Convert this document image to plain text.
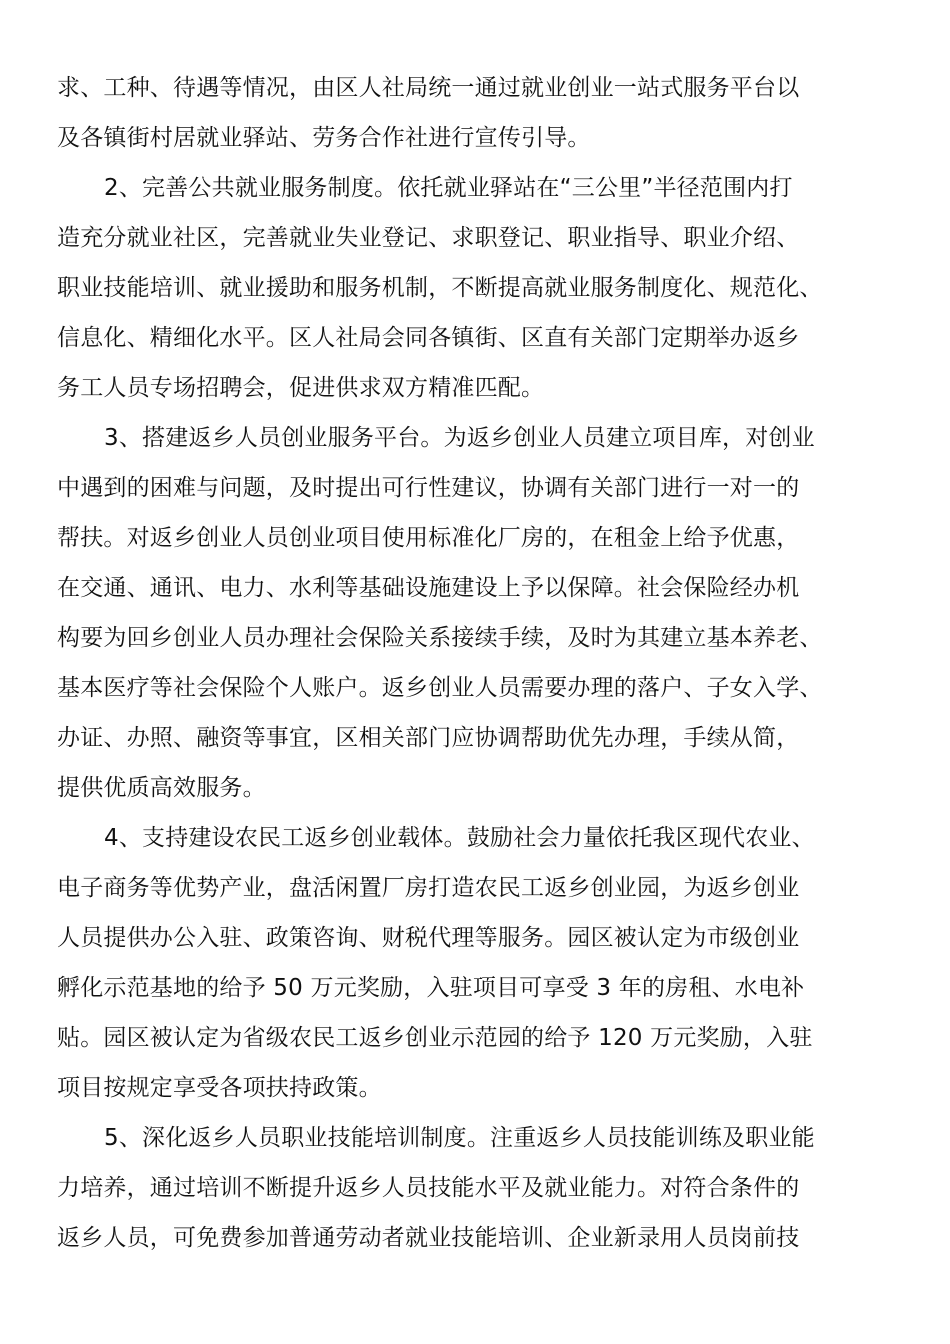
求、工种、待遇等情况，由区人社局统一通过就业创业一站式服务平台以
及各镇街村居就业驿站、劳务合作社进行宣传引导。
2、完善公共就业服务制度。依托就业驿站在“三公里”半径范围内打
造充分就业社区，完善就业失业登记、求职登记、职业指导、职业介绍、
职业技能培训、就业援助和服务机制，不断提高就业服务制度化、规范化、
信息化、精细化水平。区人社局会同各镇街、区直有关部门定期举办返乡
务工人员专场招聘会，促进供求双方精准匹配。
3、搭建返乡人员创业服务平台。为返乡创业人员建立项目库，对创业
中遇到的困难与问题，及时提出可行性建议，协调有关部门进行一对一的
帮扶。对返乡创业人员创业项目使用标准化厂房的，在租金上给予优惠，
在交通、通讯、电力、水利等基础设施建设上予以保障。社会保险经办机
构要为回乡创业人员办理社会保险关系接续手续，及时为其建立基本养老、
基本医疗等社会保险个人账户。返乡创业人员需要办理的落户、子女入学、
办证、办照、融资等事宜，区相关部门应协调帮助优先办理，手续从简，
提供优质高效服务。
4、支持建设农民工返乡创业载体。鼓励社会力量依托我区现代农业、
电子商务等优势产业，盘活闲置厂房打造农民工返乡创业园，为返乡创业
人员提供办公入驻、政策咨询、财税代理等服务。园区被认定为市级创业
孵化示范基地的给予 50 万元奖励，入驻项目可享受 3 年的房租、水电补
贴。园区被认定为省级农民工返乡创业示范园的给予 120 万元奖励，入驻
项目按规定享受各项扶持政策。
5、深化返乡人员职业技能培训制度。注重返乡人员技能训练及职业能
力培养，通过培训不断提升返乡人员技能水平及就业能力。对符合条件的
返乡人员，可免费参加普通劳动者就业技能培训、企业新录用人员岗前技
